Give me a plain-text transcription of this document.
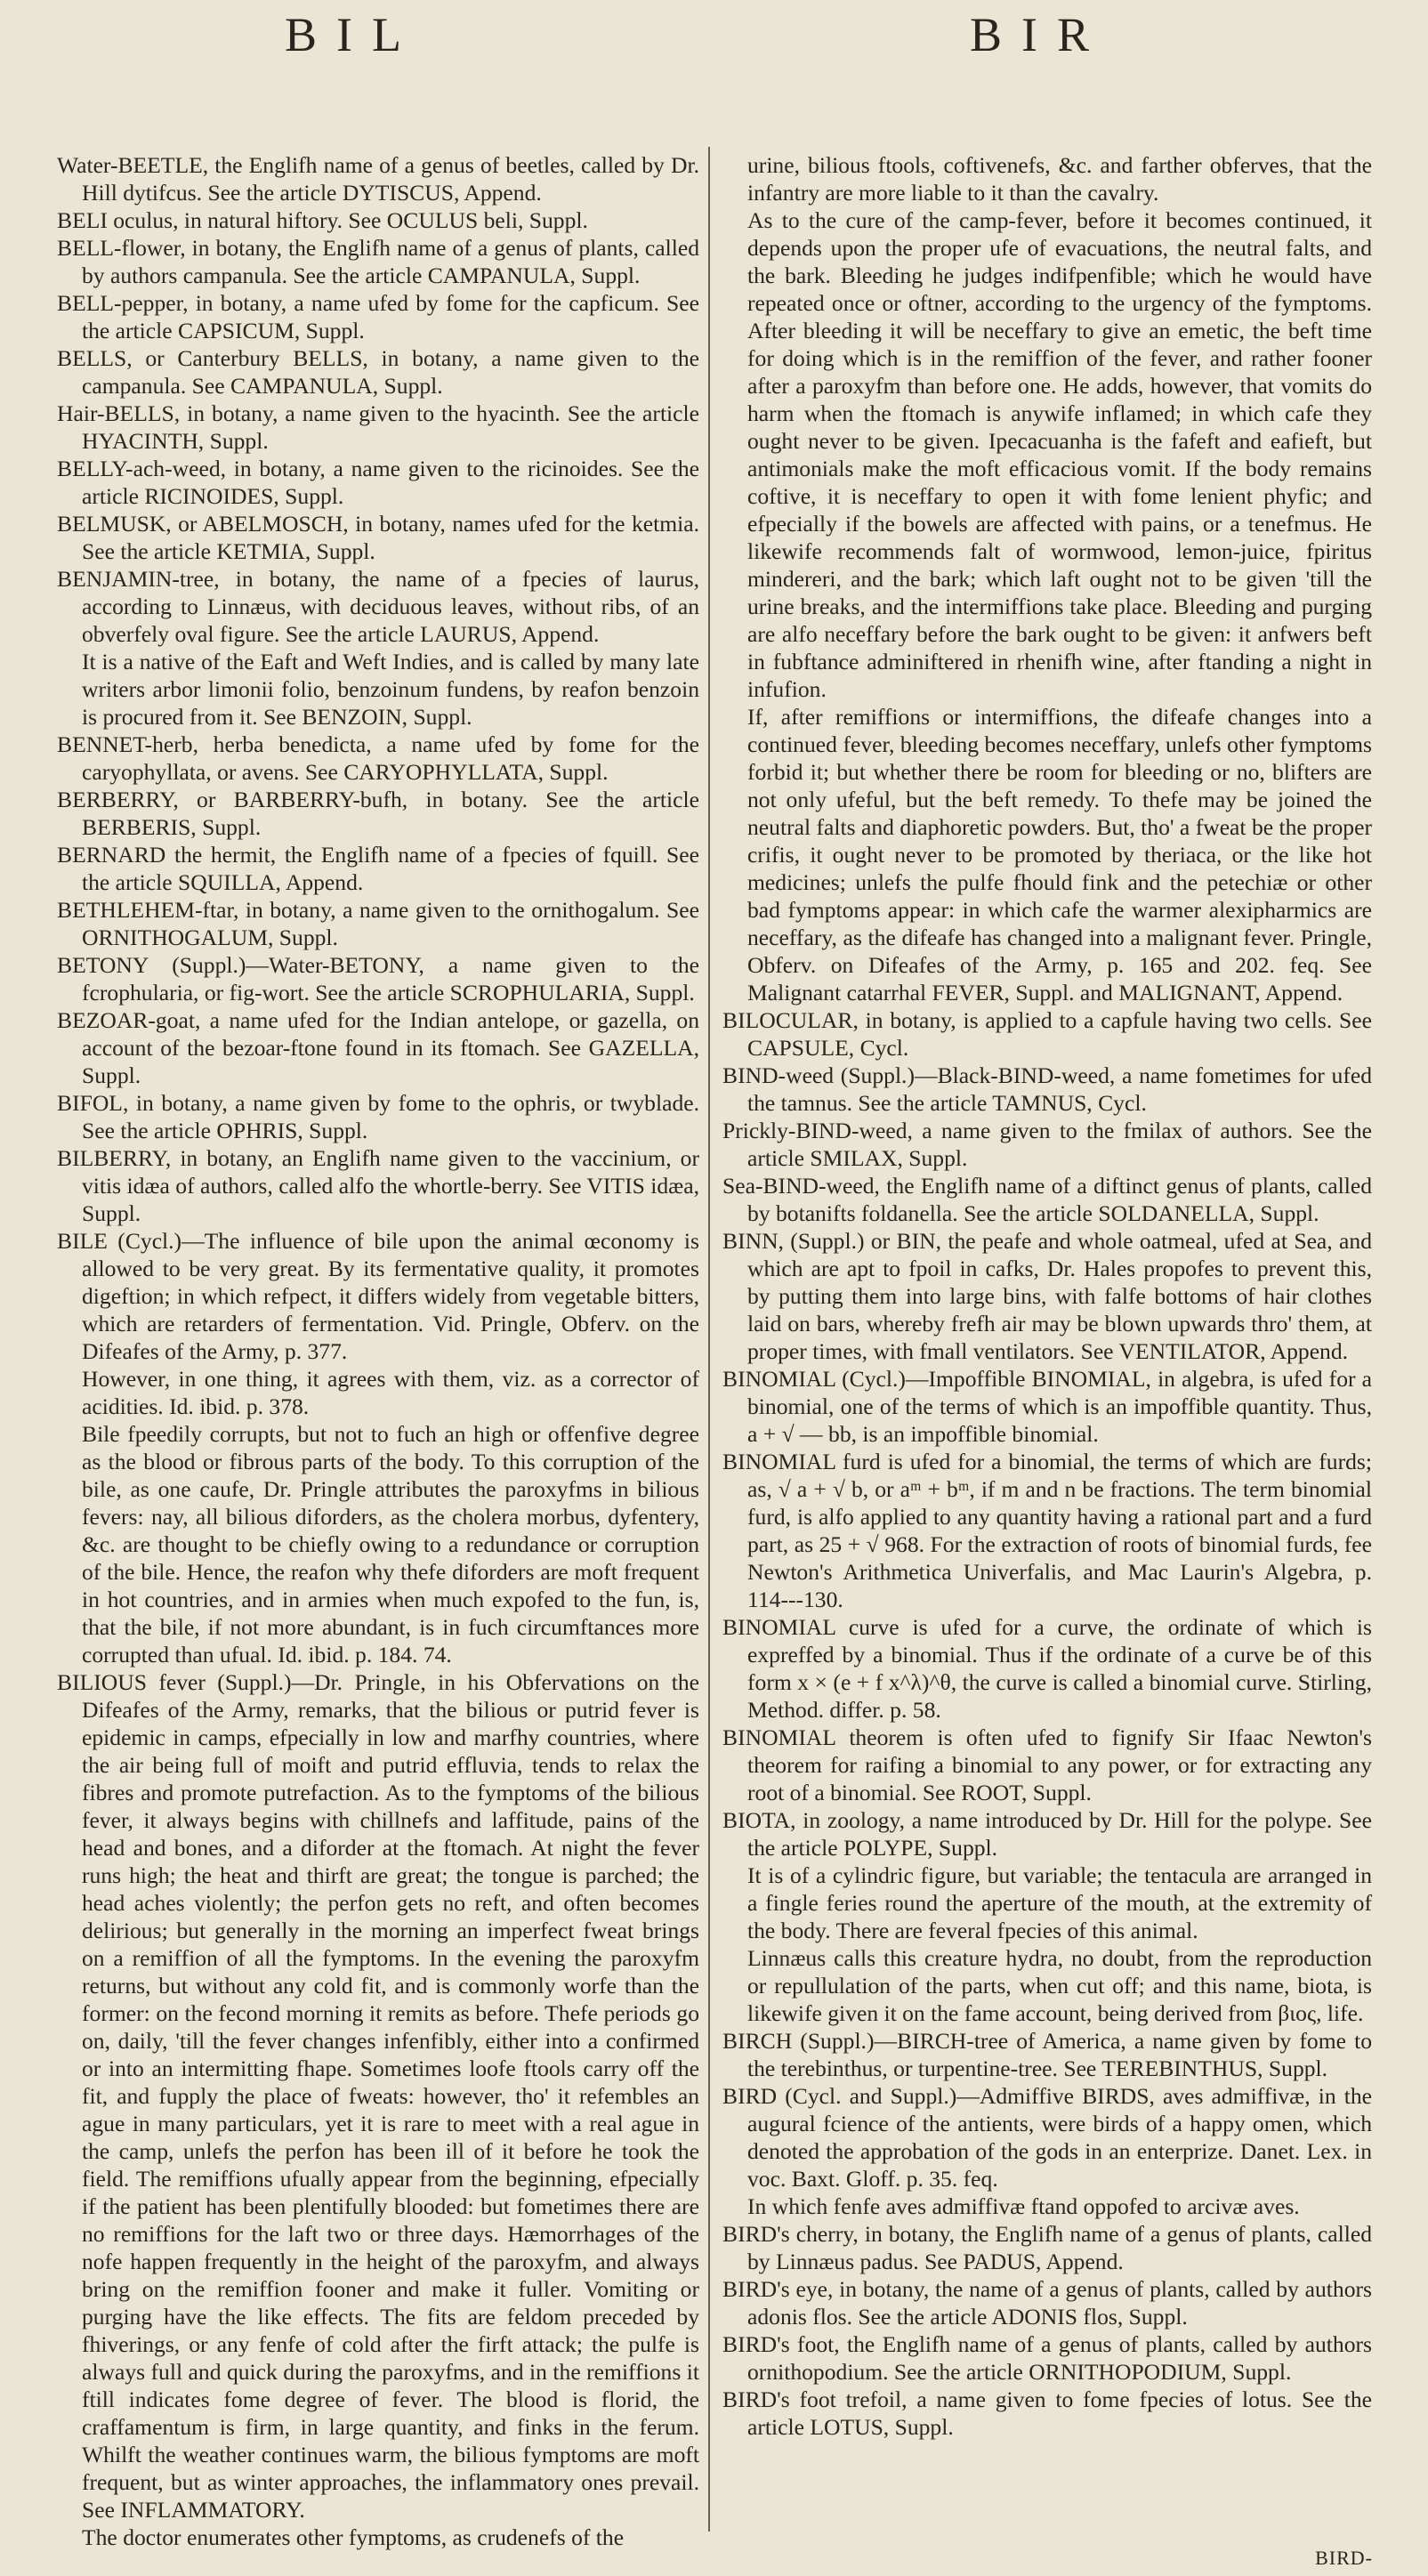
BIL	BIR

Water-BEETLE, the Englifh name of a genus of beetles, called by Dr. Hill dytifcus. See the article DYTISCUS, Append.

BELI oculus, in natural hiftory. See OCULUS beli, Suppl.

BELL-flower, in botany, the Englifh name of a genus of plants, called by authors campanula. See the article CAMPANULA, Suppl.

BELL-pepper, in botany, a name ufed by fome for the capficum. See the article CAPSICUM, Suppl.

BELLS, or Canterbury BELLS, in botany, a name given to the campanula. See CAMPANULA, Suppl.

Hair-BELLS, in botany, a name given to the hyacinth. See the article HYACINTH, Suppl.

BELLY-ach-weed, in botany, a name given to the ricinoides. See the article RICINOIDES, Suppl.

BELMUSK, or ABELMOSCH, in botany, names ufed for the ketmia. See the article KETMIA, Suppl.

BENJAMIN-tree, in botany, the name of a fpecies of laurus, according to Linnæus, with deciduous leaves, without ribs, of an obverfely oval figure. See the article LAURUS, Append.

It is a native of the Eaft and Weft Indies, and is called by many late writers arbor limonii folio, benzoinum fundens, by reafon benzoin is procured from it. See BENZOIN, Suppl.

BENNET-herb, herba benedicta, a name ufed by fome for the caryophyllata, or avens. See CARYOPHYLLATA, Suppl.

BERBERRY, or BARBERRY-bufh, in botany. See the article BERBERIS, Suppl.

BERNARD the hermit, the Englifh name of a fpecies of fquill. See the article SQUILLA, Append.

BETHLEHEM-ftar, in botany, a name given to the ornithogalum. See ORNITHOGALUM, Suppl.

BETONY (Suppl.)—Water-BETONY, a name given to the fcrophularia, or fig-wort. See the article SCROPHULARIA, Suppl.

BEZOAR-goat, a name ufed for the Indian antelope, or gazella, on account of the bezoar-ftone found in its ftomach. See GAZELLA, Suppl.

BIFOL, in botany, a name given by fome to the ophris, or twyblade. See the article OPHRIS, Suppl.

BILBERRY, in botany, an Englifh name given to the vaccinium, or vitis idæa of authors, called alfo the whortle-berry. See VITIS idæa, Suppl.

BILE (Cycl.)—The influence of bile upon the animal œconomy is allowed to be very great. By its fermentative quality, it promotes digeftion; in which refpect, it differs widely from vegetable bitters, which are retarders of fermentation. Vid. Pringle, Obferv. on the Difeafes of the Army, p. 377.

However, in one thing, it agrees with them, viz. as a corrector of acidities. Id. ibid. p. 378.

Bile fpeedily corrupts, but not to fuch an high or offenfive degree as the blood or fibrous parts of the body. To this corruption of the bile, as one caufe, Dr. Pringle attributes the paroxyfms in bilious fevers: nay, all bilious diforders, as the cholera morbus, dyfentery, &c. are thought to be chiefly owing to a redundance or corruption of the bile. Hence, the reafon why thefe diforders are moft frequent in hot countries, and in armies when much expofed to the fun, is, that the bile, if not more abundant, is in fuch circumftances more corrupted than ufual. Id. ibid. p. 184. 74.

BILIOUS fever (Suppl.)—Dr. Pringle, in his Obfervations on the Difeafes of the Army, remarks, that the bilious or putrid fever is epidemic in camps, efpecially in low and marfhy countries, where the air being full of moift and putrid effluvia, tends to relax the fibres and promote putrefaction. As to the fymptoms of the bilious fever, it always begins with chillnefs and laffitude, pains of the head and bones, and a diforder at the ftomach. At night the fever runs high; the heat and thirft are great; the tongue is parched; the head aches violently; the perfon gets no reft, and often becomes delirious; but generally in the morning an imperfect fweat brings on a remiffion of all the fymptoms. In the evening the paroxyfm returns, but without any cold fit, and is commonly worfe than the former: on the fecond morning it remits as before. Thefe periods go on, daily, 'till the fever changes infenfibly, either into a confirmed or into an intermitting fhape. Sometimes loofe ftools carry off the fit, and fupply the place of fweats: however, tho' it refembles an ague in many particulars, yet it is rare to meet with a real ague in the camp, unlefs the perfon has been ill of it before he took the field. The remiffions ufually appear from the beginning, efpecially if the patient has been plentifully blooded: but fometimes there are no remiffions for the laft two or three days. Hæmorrhages of the nofe happen frequently in the height of the paroxyfm, and always bring on the remiffion fooner and make it fuller. Vomiting or purging have the like effects. The fits are feldom preceded by fhiverings, or any fenfe of cold after the firft attack; the pulfe is always full and quick during the paroxyfms, and in the remiffions it ftill indicates fome degree of fever. The blood is florid, the craffamentum is firm, in large quantity, and finks in the ferum. Whilft the weather continues warm, the bilious fymptoms are moft frequent, but as winter approaches, the inflammatory ones prevail. See INFLAMMATORY.

The doctor enumerates other fymptoms, as crudenefs of the

urine, bilious ftools, coftivenefs, &c. and farther obferves, that the infantry are more liable to it than the cavalry.

As to the cure of the camp-fever, before it becomes continued, it depends upon the proper ufe of evacuations, the neutral falts, and the bark. Bleeding he judges indifpenfible; which he would have repeated once or oftner, according to the urgency of the fymptoms. After bleeding it will be neceffary to give an emetic, the beft time for doing which is in the remiffion of the fever, and rather fooner after a paroxyfm than before one. He adds, however, that vomits do harm when the ftomach is anywife inflamed; in which cafe they ought never to be given. Ipecacuanha is the fafeft and eafieft, but antimonials make the moft efficacious vomit. If the body remains coftive, it is neceffary to open it with fome lenient phyfic; and efpecially if the bowels are affected with pains, or a tenefmus. He likewife recommends falt of wormwood, lemon-juice, fpiritus mindereri, and the bark; which laft ought not to be given 'till the urine breaks, and the intermiffions take place. Bleeding and purging are alfo neceffary before the bark ought to be given: it anfwers beft in fubftance adminiftered in rhenifh wine, after ftanding a night in infufion.

If, after remiffions or intermiffions, the difeafe changes into a continued fever, bleeding becomes neceffary, unlefs other fymptoms forbid it; but whether there be room for bleeding or no, blifters are not only ufeful, but the beft remedy. To thefe may be joined the neutral falts and diaphoretic powders. But, tho' a fweat be the proper crifis, it ought never to be promoted by theriaca, or the like hot medicines; unlefs the pulfe fhould fink and the petechiæ or other bad fymptoms appear: in which cafe the warmer alexipharmics are neceffary, as the difeafe has changed into a malignant fever. Pringle, Obferv. on Difeafes of the Army, p. 165 and 202. feq. See Malignant catarrhal FEVER, Suppl. and MALIGNANT, Append.

BILOCULAR, in botany, is applied to a capfule having two cells. See CAPSULE, Cycl.

BIND-weed (Suppl.)—Black-BIND-weed, a name fometimes for ufed the tamnus. See the article TAMNUS, Cycl.

Prickly-BIND-weed, a name given to the fmilax of authors. See the article SMILAX, Suppl.

Sea-BIND-weed, the Englifh name of a diftinct genus of plants, called by botanifts foldanella. See the article SOLDANELLA, Suppl.

BINN, (Suppl.) or BIN, the peafe and whole oatmeal, ufed at Sea, and which are apt to fpoil in cafks, Dr. Hales propofes to prevent this, by putting them into large bins, with falfe bottoms of hair clothes laid on bars, whereby frefh air may be blown upwards thro' them, at proper times, with fmall ventilators. See VENTILATOR, Append.

BINOMIAL (Cycl.)—Impoffible BINOMIAL, in algebra, is ufed for a binomial, one of the terms of which is an impoffible quantity. Thus, a + √ — bb, is an impoffible binomial.

BINOMIAL furd is ufed for a binomial, the terms of which are furds; as, √ a + √ b, or aᵐ + bᵐ, if m and n be fractions. The term binomial furd, is alfo applied to any quantity having a rational part and a furd part, as 25 + √ 968. For the extraction of roots of binomial furds, fee Newton's Arithmetica Univerfalis, and Mac Laurin's Algebra, p. 114---130.

BINOMIAL curve is ufed for a curve, the ordinate of which is expreffed by a binomial. Thus if the ordinate of a curve be of this form x × (e + f x^λ)^θ, the curve is called a binomial curve. Stirling, Method. differ. p. 58.

BINOMIAL theorem is often ufed to fignify Sir Ifaac Newton's theorem for raifing a binomial to any power, or for extracting any root of a binomial. See ROOT, Suppl.

BIOTA, in zoology, a name introduced by Dr. Hill for the polype. See the article POLYPE, Suppl.

It is of a cylindric figure, but variable; the tentacula are arranged in a fingle feries round the aperture of the mouth, at the extremity of the body. There are feveral fpecies of this animal.

Linnæus calls this creature hydra, no doubt, from the reproduction or repullulation of the parts, when cut off; and this name, biota, is likewife given it on the fame account, being derived from βιος, life.

BIRCH (Suppl.)—BIRCH-tree of America, a name given by fome to the terebinthus, or turpentine-tree. See TEREBINTHUS, Suppl.

BIRD (Cycl. and Suppl.)—Admiffive BIRDS, aves admiffivæ, in the augural fcience of the antients, were birds of a happy omen, which denoted the approbation of the gods in an enterprize. Danet. Lex. in voc. Baxt. Gloff. p. 35. feq.

In which fenfe aves admiffivæ ftand oppofed to arcivæ aves.

BIRD's cherry, in botany, the Englifh name of a genus of plants, called by Linnæus padus. See PADUS, Append.

BIRD's eye, in botany, the name of a genus of plants, called by authors adonis flos. See the article ADONIS flos, Suppl.

BIRD's foot, the Englifh name of a genus of plants, called by authors ornithopodium. See the article ORNITHOPODIUM, Suppl.

BIRD's foot trefoil, a name given to fome fpecies of lotus. See the article LOTUS, Suppl.

BIRD-
